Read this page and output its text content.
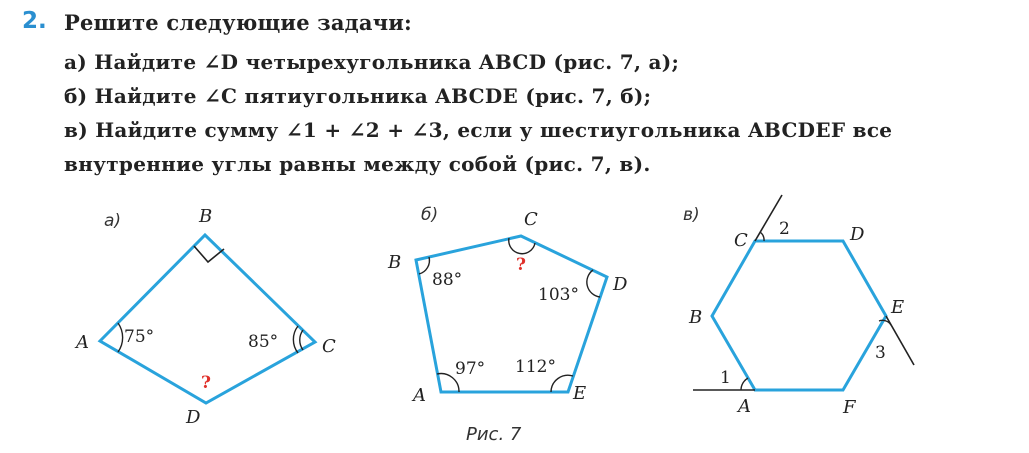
2. Решите следующие задачи:
а) Найдите ∠D четырехугольника ABCD (рис. 7, а);
б) Найдите ∠C пятиугольника ABCDE (рис. 7, б);
в) Найдите сумму ∠1 + ∠2 + ∠3, если у шестиугольника ABCDEF все
внутренние углы равны между собой (рис. 7, в).
а)
A
B
C
D
75°	85°
?
б)
B
C
D
E
A
88°
103°
97° 112°
?
Рис. 7
в)
C	D
B	E
A	F
1
2
3
